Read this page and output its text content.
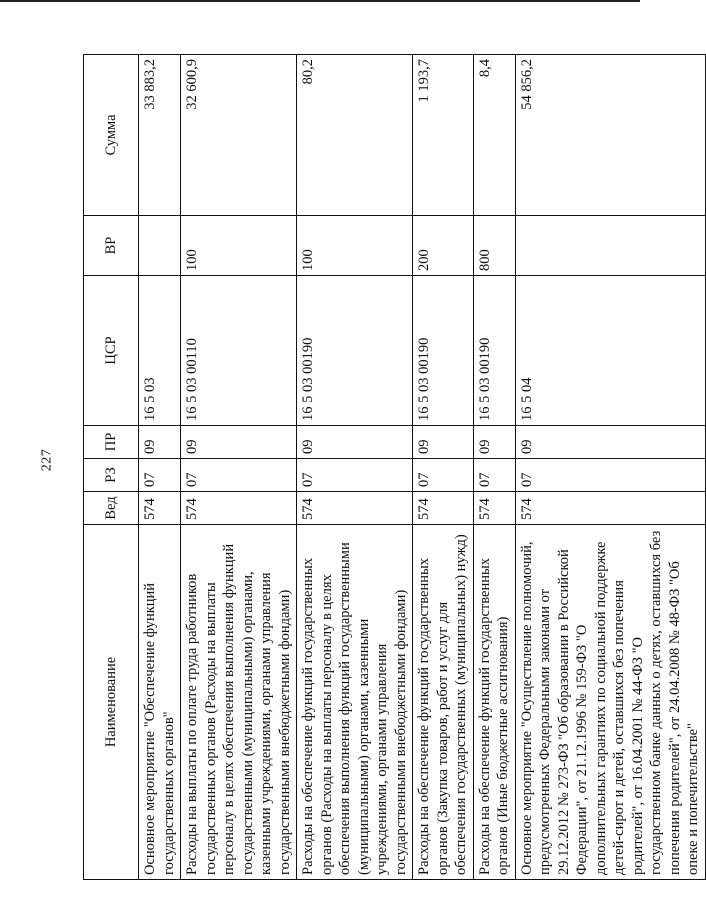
227
Наименование	Вед	РЗ	ПР	ЦСР	ВР	Сумма
Основное мероприятие "Обеспечение функций государственных органов"	574	07	09	16 5 03		33 883,2
Расходы на выплаты по оплате труда работников государственных органов (Расходы на выплаты персоналу в целях обеспечения выполнения функций государственными (муниципальными) органами, казенными учреждениями, органами управления государственными внебюджетными фондами)	574	07	09	16 5 03 00110	100	32 600,9
Расходы на обеспечение функций государственных органов (Расходы на выплаты персоналу в целях обеспечения выполнения функций государственными (муниципальными) органами, казенными учреждениями, органами управления государственными внебюджетными фондами)	574	07	09	16 5 03 00190	100	80,2
Расходы на обеспечение функций государственных органов (Закупка товаров, работ и услуг для обеспечения государственных (муниципальных) нужд)	574	07	09	16 5 03 00190	200	1 193,7
Расходы на обеспечение функций государственных органов (Иные бюджетные ассигнования)	574	07	09	16 5 03 00190	800	8,4
Основное мероприятие "Осуществление полномочий, предусмотренных Федеральными законами от 29.12.2012 № 273-ФЗ "Об образовании в Российской Федерации", от 21.12.1996 № 159-ФЗ "О дополнительных гарантиях по социальной поддержке детей-сирот и детей, оставшихся без попечения родителей", от 16.04.2001 № 44-ФЗ "О государственном банке данных о детях, оставшихся без попечения родителей", от 24.04.2008 № 48-ФЗ "Об опеке и попечительстве"	574	07	09	16 5 04		54 856,2
